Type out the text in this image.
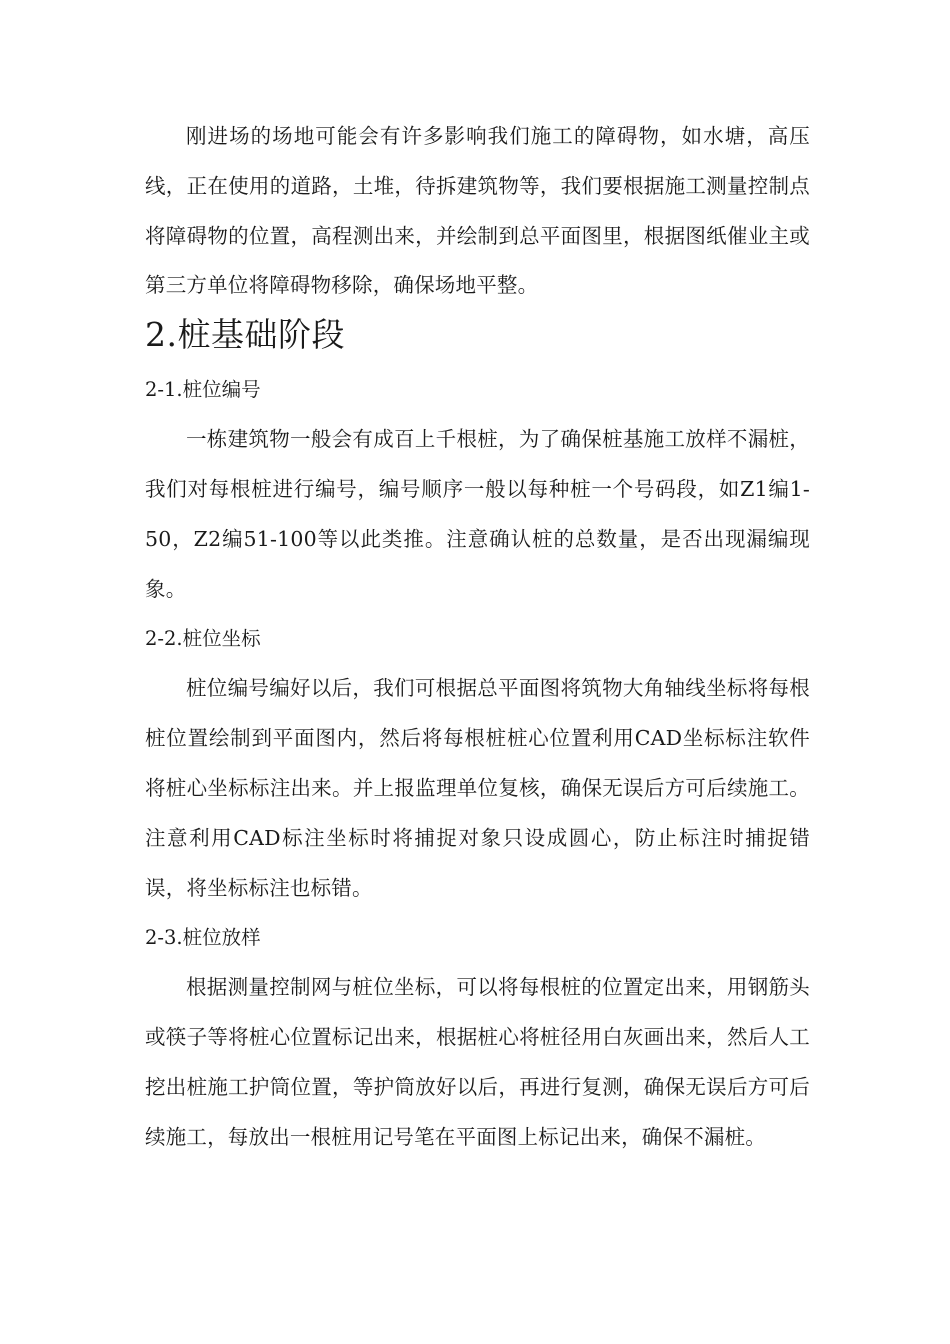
刚进场的场地可能会有许多影响我们施工的障碍物，如水塘，高压线，正在使用的道路，土堆，待拆建筑物等，我们要根据施工测量控制点将障碍物的位置，高程测出来，并绘制到总平面图里，根据图纸催业主或第三方单位将障碍物移除，确保场地平整。

2.桩基础阶段
2-1.桩位编号

一栋建筑物一般会有成百上千根桩，为了确保桩基施工放样不漏桩，我们对每根桩进行编号，编号顺序一般以每种桩一个号码段，如Z1编1-50，Z2编51-100等以此类推。注意确认桩的总数量，是否出现漏编现象。

2-2.桩位坐标

桩位编号编好以后，我们可根据总平面图将筑物大角轴线坐标将每根桩位置绘制到平面图内，然后将每根桩桩心位置利用CAD坐标标注软件将桩心坐标标注出来。并上报监理单位复核，确保无误后方可后续施工。注意利用CAD标注坐标时将捕捉对象只设成圆心，防止标注时捕捉错误，将坐标标注也标错。

2-3.桩位放样

根据测量控制网与桩位坐标，可以将每根桩的位置定出来，用钢筋头或筷子等将桩心位置标记出来，根据桩心将桩径用白灰画出来，然后人工挖出桩施工护筒位置，等护筒放好以后，再进行复测，确保无误后方可后续施工，每放出一根桩用记号笔在平面图上标记出来，确保不漏桩。
